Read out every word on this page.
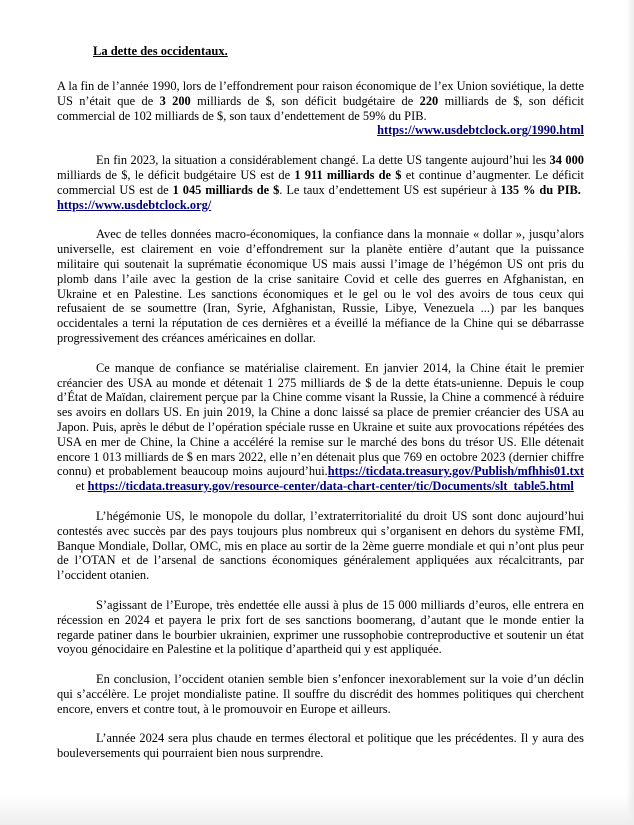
La dette des occidentaux.

A la fin de l’année 1990, lors de l’effondrement pour raison économique de l’ex Union soviétique, la dette US n’était que de 3 200 milliards de $, son déficit budgétaire de 220 milliards de $, son déficit commercial de 102 milliards de $, son taux d’endettement de 59% du PIB.
https://www.usdebtclock.org/1990.html

En fin 2023, la situation a considérablement changé. La dette US tangente aujourd’hui les 34 000 milliards de $, le déficit budgétaire US est de 1 911 milliards de $ et continue d’augmenter. Le déficit commercial US est de 1 045 milliards de $. Le taux d’endettement US est supérieur à 135 % du PIB.  https://www.usdebtclock.org/

Avec de telles données macro-économiques, la confiance dans la monnaie « dollar », jusqu’alors universelle, est clairement en voie d’effondrement sur la planète entière d’autant que la puissance militaire qui soutenait la suprématie économique US mais aussi l’image de l’hégémon US ont pris du plomb dans l’aile avec la gestion de la crise sanitaire Covid et celle des guerres en Afghanistan, en Ukraine et en Palestine. Les sanctions économiques et le gel ou le vol des avoirs de tous ceux qui refusaient de se soumettre (Iran, Syrie, Afghanistan, Russie, Libye, Venezuela ...) par les banques occidentales a terni la réputation de ces dernières et a éveillé la méfiance de la Chine qui se débarrasse progressivement des créances américaines en dollar.

Ce manque de confiance se matérialise clairement. En janvier 2014, la Chine était le premier créancier des USA au monde et détenait 1 275 milliards de $ de la dette états-unienne. Depuis le coup d’État de Maïdan, clairement perçue par la Chine comme visant la Russie, la Chine a commencé à réduire ses avoirs en dollars US. En juin 2019, la Chine a donc laissé sa place de premier créancier des USA au Japon. Puis, après le début de l’opération spéciale russe en Ukraine et suite aux provocations répétées des USA en mer de Chine, la Chine a accéléré la remise sur le marché des bons du trésor US. Elle détenait encore 1 013 milliards de $ en mars 2022, elle n’en détenait plus que 769 en octobre 2023 (dernier chiffre connu) et probablement beaucoup moins aujourd’hui.https://ticdata.treasury.gov/Publish/mfhhis01.txt      et https://ticdata.treasury.gov/resource-center/data-chart-center/tic/Documents/slt_table5.html

L’hégémonie US, le monopole du dollar, l’extraterritorialité du droit US sont donc aujourd’hui contestés avec succès par des pays toujours plus nombreux qui s’organisent en dehors du système FMI, Banque Mondiale, Dollar, OMC, mis en place au sortir de la 2ème guerre mondiale et qui n’ont plus peur de l’OTAN et de l’arsenal de sanctions économiques généralement appliquées aux récalcitrants, par l’occident otanien.

S’agissant de l’Europe, très endettée elle aussi à plus de 15 000 milliards d’euros, elle entrera en récession en 2024 et payera le prix fort de ses sanctions boomerang, d’autant que le monde entier la regarde patiner dans le bourbier ukrainien, exprimer une russophobie contreproductive et soutenir un état voyou génocidaire en Palestine et la politique d’apartheid qui y est appliquée.

En conclusion, l’occident otanien semble bien s’enfoncer inexorablement sur la voie d’un déclin qui s’accélère. Le projet mondialiste patine. Il souffre du discrédit des hommes politiques qui cherchent encore, envers et contre tout, à le promouvoir en Europe et ailleurs.

L’année 2024 sera plus chaude en termes électoral et politique que les précédentes. Il y aura des bouleversements qui pourraient bien nous surprendre.
